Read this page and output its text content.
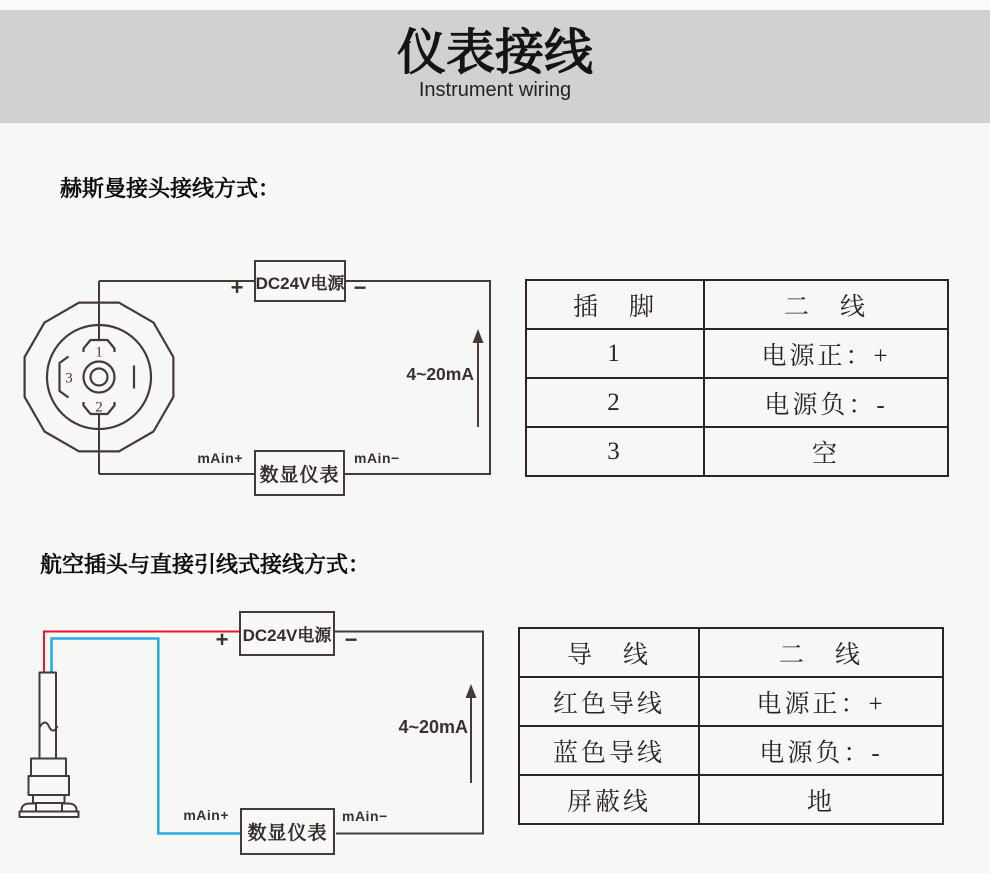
仪表接线
Instrument wiring
赫斯曼接头接线方式：
航空插头与直接引线式接线方式：
1
2
3
DC24V电源
数显仪表
+	−
mAin+	mAin−
4~20mA
DC24V电源
数显仪表
+	−
mAin+	mAin−
4~20mA
插　脚	二　线
1	电源正：+
2	电源负：-
3	空
导　线	二　线
红色导线	电源正：+
蓝色导线	电源负：-
屏蔽线	地
